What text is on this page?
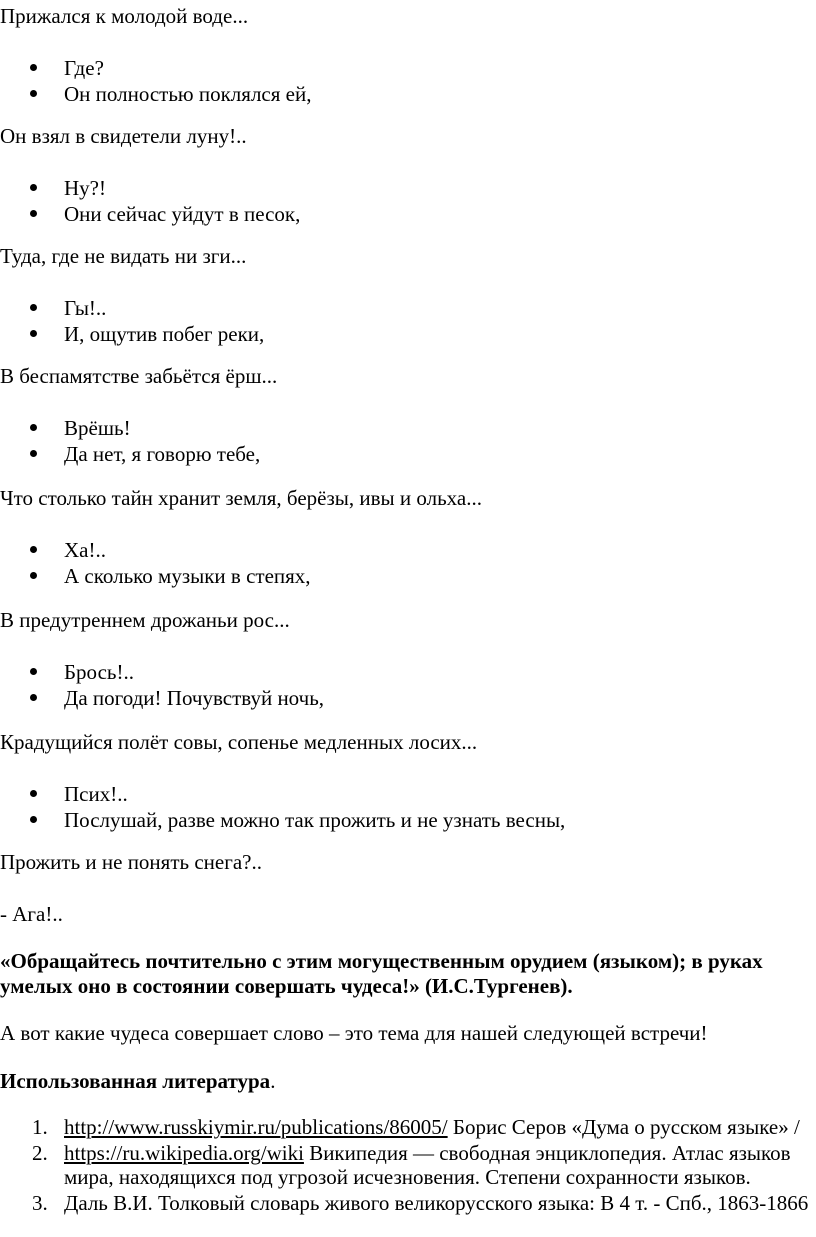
Прижался к молодой воде...
Где?
Он полностью поклялся ей,
Он взял в свидетели луну!..
Ну?!
Они сейчас уйдут в песок,
Туда, где не видать ни зги...
Гы!..
И, ощутив побег реки,
В беспамятстве забьётся ёрш...
Врёшь!
Да нет, я говорю тебе,
Что столько тайн хранит земля, берёзы, ивы и ольха...
Ха!..
А сколько музыки в степях,
В предутреннем дрожаньи рос...
Брось!..
Да погоди! Почувствуй ночь,
Крадущийся полёт совы, сопенье медленных лосих...
Псих!..
Послушай, разве можно так прожить и не узнать весны,
Прожить и не понять снега?..
- Ага!..
«Обращайтесь почтительно с этим могущественным орудием (языком); в руках
умелых оно в состоянии совершать чудеса!» (И.С.Тургенев).
А вот какие чудеса совершает слово – это тема для нашей следующей встречи!
Использованная литература.
1. http://www.russkiymir.ru/publications/86005/ Борис Серов «Дума о русском языке» /
2. https://ru.wikipedia.org/wiki Википедия — свободная энциклопедия. Атлас языков
мира, находящихся под угрозой исчезновения. Степени сохранности языков.
3. Даль В.И. Толковый словарь живого великорусского языка: В 4 т. - Спб., 1863-1866
